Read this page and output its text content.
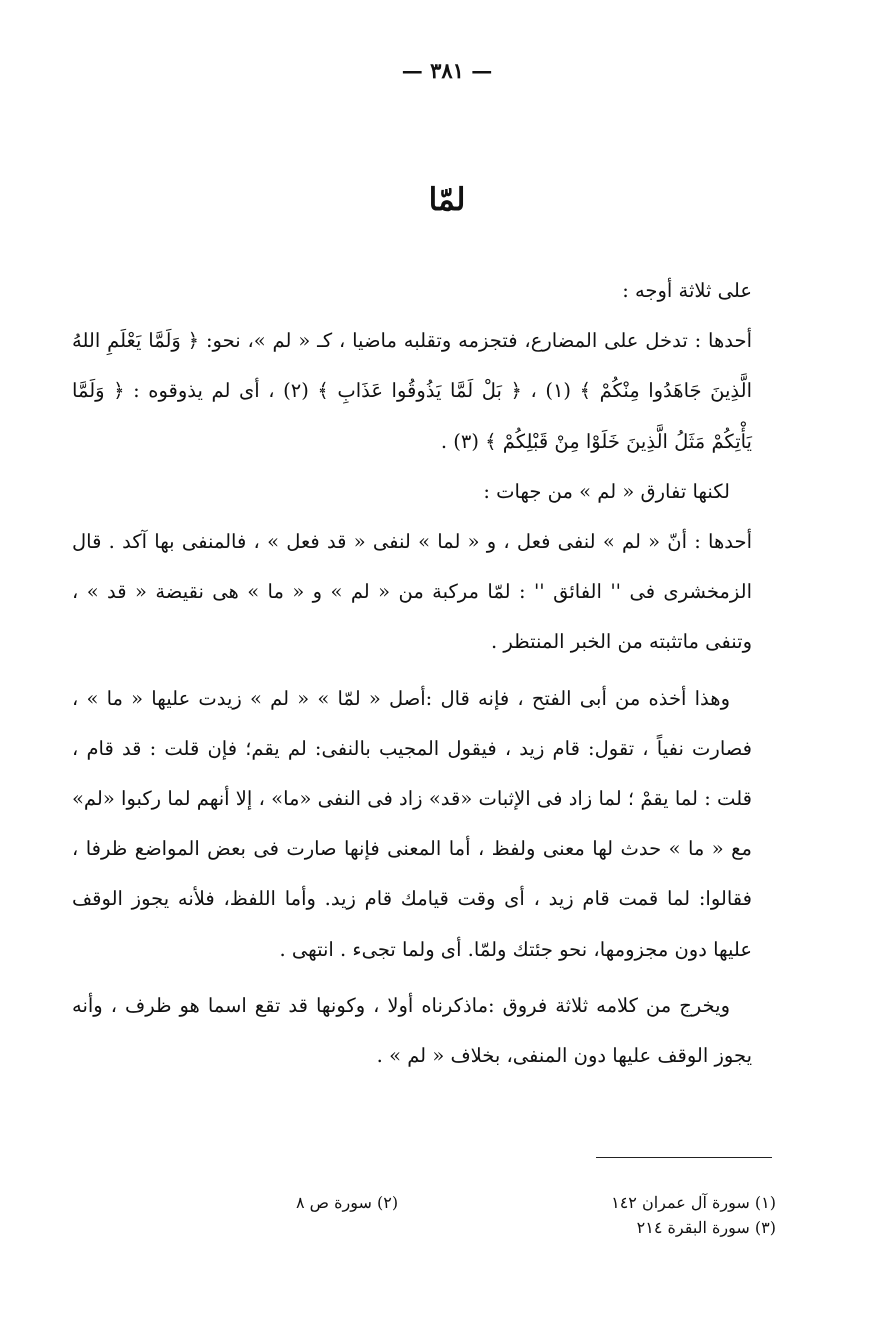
— ٣٨١ —
لمّا

على ثلاثة أوجه :

أحدها : تدخل على المضارع، فتجزمه وتقلبه ماضيا ، كـ « لم »، نحو: ﴿ وَلَمَّا يَعْلَمِ اللهُ الَّذِينَ جَاهَدُوا مِنْكُمْ ﴾ (١) ، ﴿ بَلْ لَمَّا يَذُوقُوا عَذَابِ ﴾ (٢) ، أى لم يذوقوه : ﴿ وَلَمَّا يَأْتِكُمْ مَثَلُ الَّذِينَ خَلَوْا مِنْ قَبْلِكُمْ ﴾ (٣) .

لكنها تفارق « لم » من جهات :

أحدها : أنّ « لم » لنفى فعل ، و « لما » لنفى « قد فعل » ، فالمنفى بها آكد . قال الزمخشرى فى '' الفائق '' : لمّا مركبة من « لم » و « ما » هى نقيضة « قد » ، وتنفى ماتثبته من الخبر المنتظر .

وهذا أخذه من أبى الفتح ، فإنه قال :أصل « لمّا » « لم » زيدت عليها « ما » ، فصارت نفياً ، تقول: قام زيد ، فيقول المجيب بالنفى: لم يقم؛ فإن قلت : قد قام ، قلت : لما يقمْ ؛ لما زاد فى الإثبات «قد» زاد فى النفى «ما» ، إلا أنهم لما ركبوا «لم» مع « ما » حدث لها معنى ولفظ ، أما المعنى فإنها صارت فى بعض المواضع ظرفا ، فقالوا: لما قمت قام زيد ، أى وقت قيامك قام زيد. وأما اللفظ، فلأنه يجوز الوقف عليها دون مجزومها، نحو جئتك ولمّا. أى ولما تجىء . انتهى .

ويخرج من كلامه ثلاثة فروق :ماذكرناه أولا ، وكونها قد تقع اسما هو ظرف ، وأنه يجوز الوقف عليها دون المنفى، بخلاف « لم » .

(١) سورة آل عمران ١٤٢
(٢) سورة ص ٨
(٣) سورة البقرة ٢١٤
